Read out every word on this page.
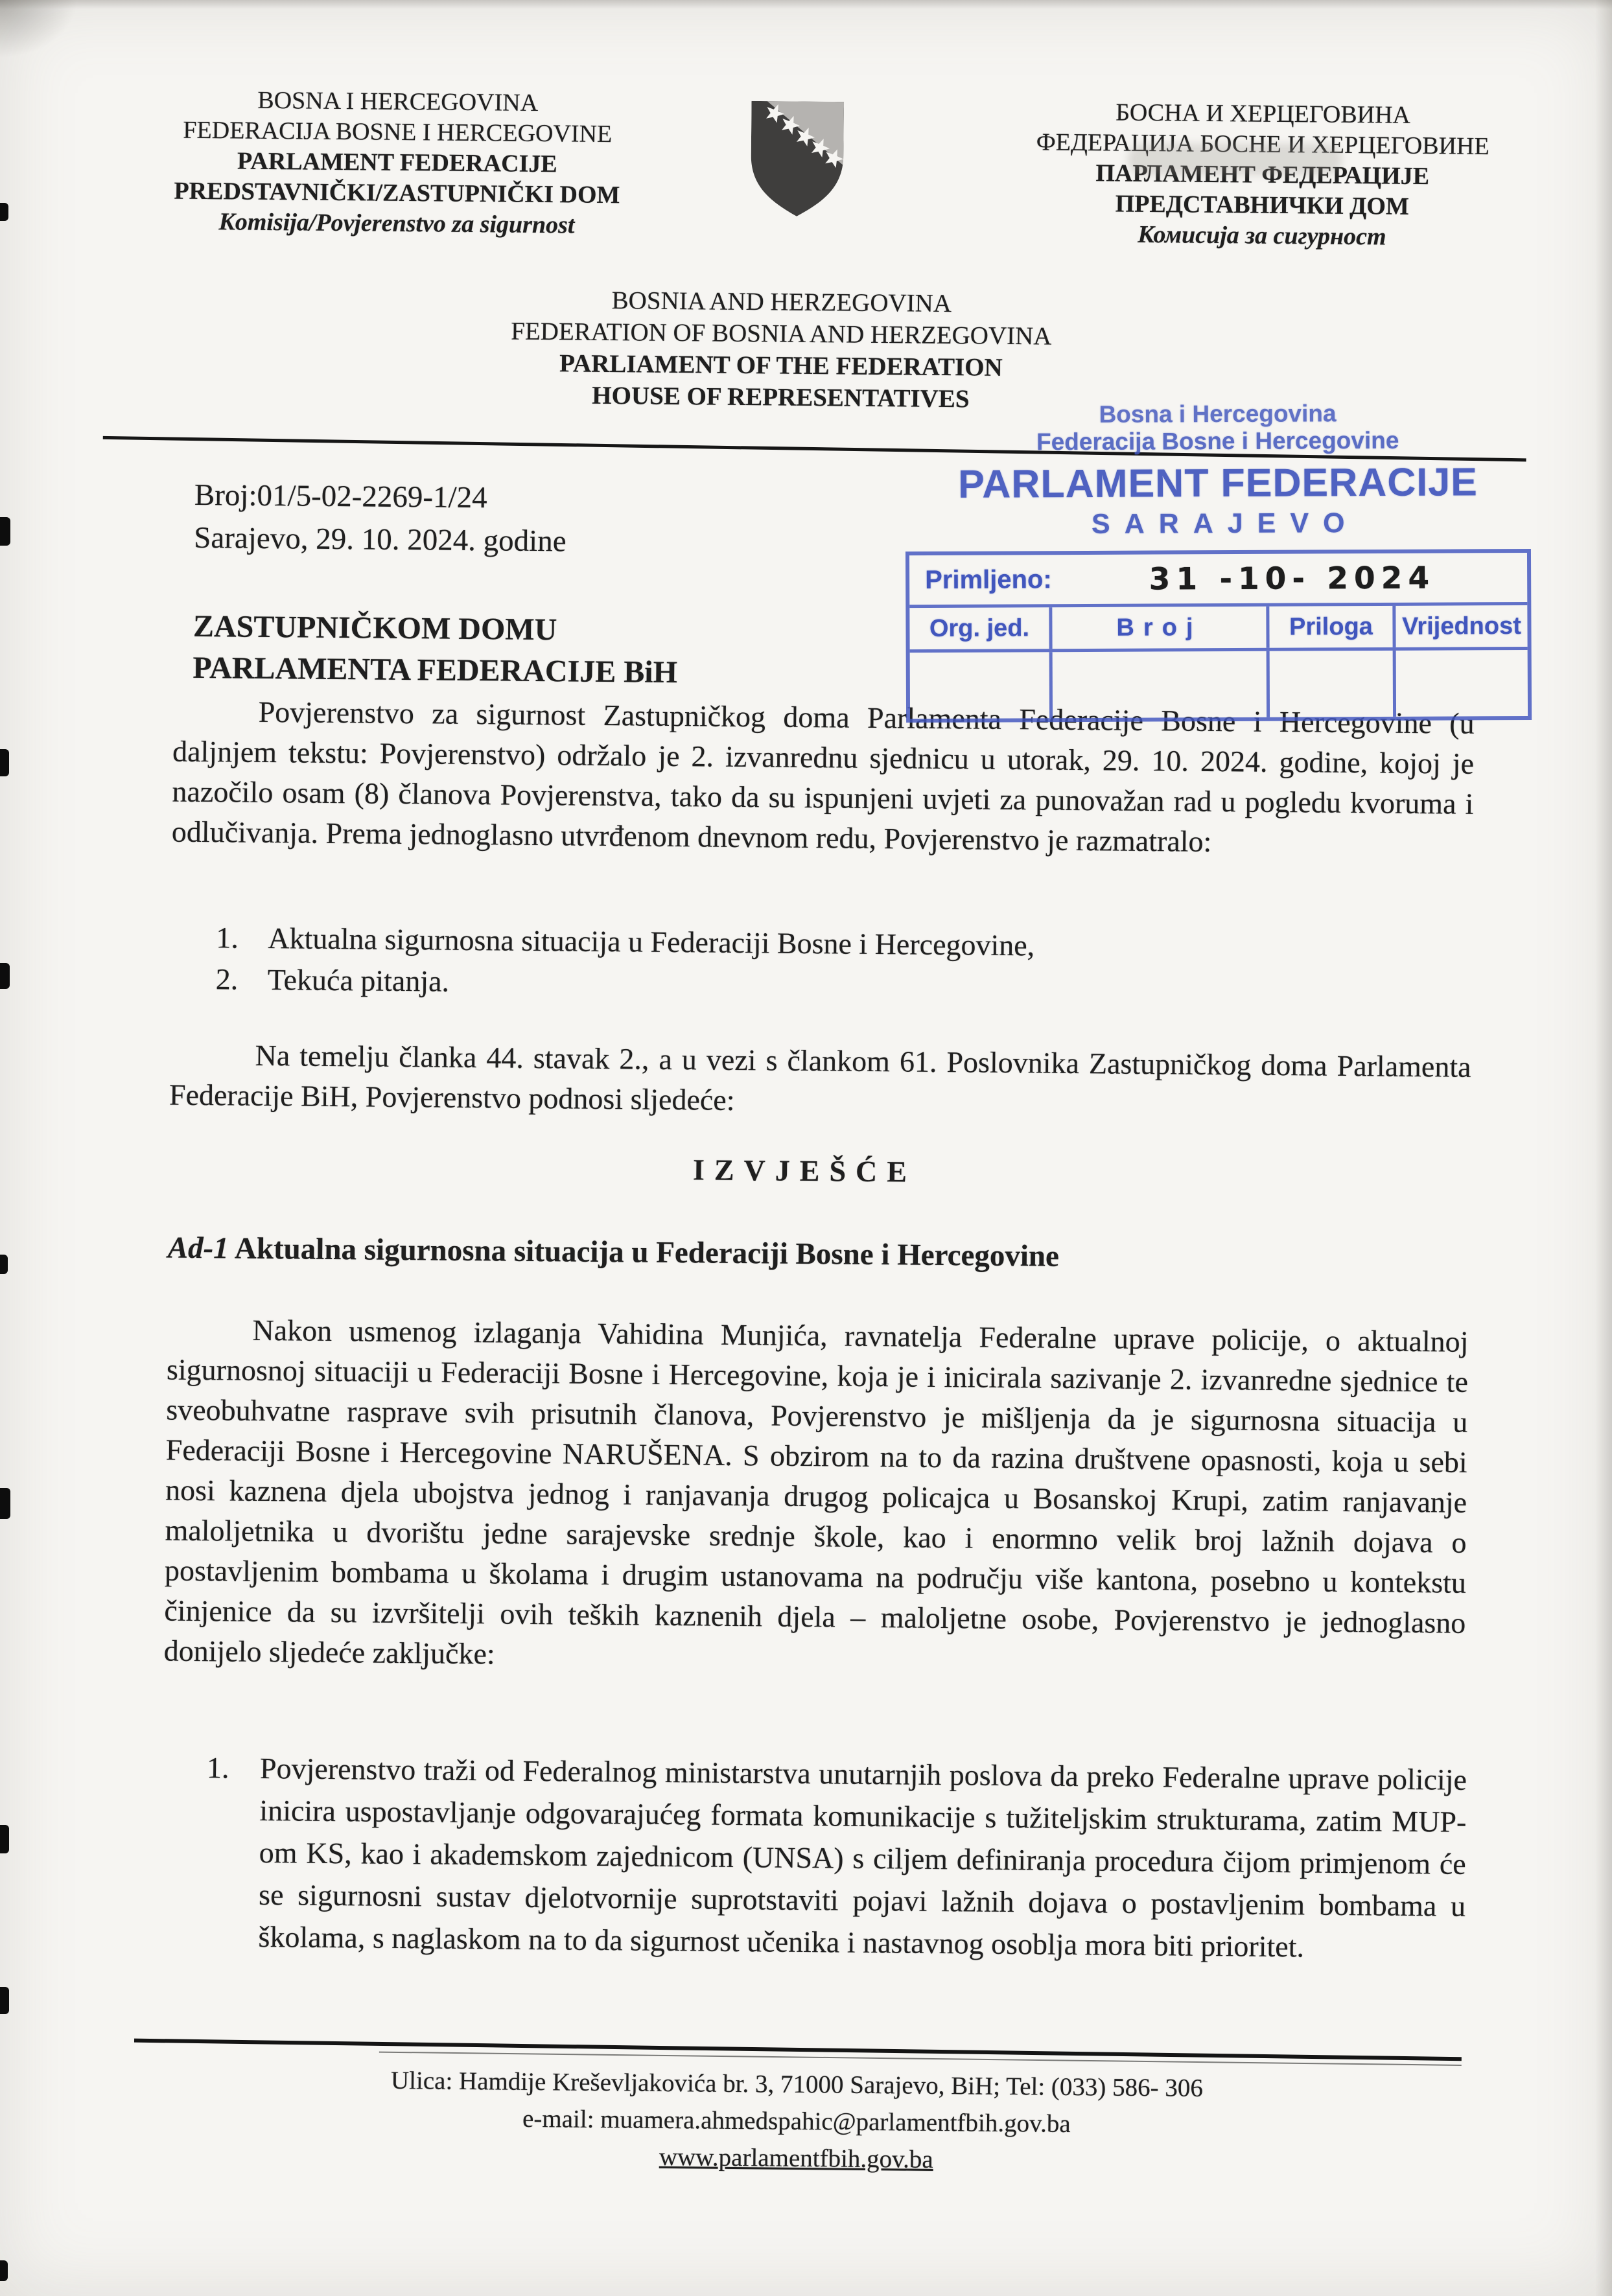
BOSNA I HERCEGOVINA
FEDERACIJA BOSNE I HERCEGOVINE
PARLAMENT FEDERACIJE
PREDSTAVNIČKI/ZASTUPNIČKI DOM
Komisija/Povjerenstvo za sigurnost
БОСНА И ХЕРЦЕГОВИНА
ФЕДЕРАЦИЈА БОСНЕ И ХЕРЦЕГОВИНЕ
ПАРЛАМЕНТ ФЕДЕРАЦИЈЕ
ПРЕДСТАВНИЧКИ ДОМ
Комисија за сигурност
BOSNIA AND HERZEGOVINA
FEDERATION OF BOSNIA AND HERZEGOVINA
PARLIAMENT OF THE FEDERATION
HOUSE OF REPRESENTATIVES
Broj:01/5-02-2269-1/24
Sarajevo, 29. 10. 2024. godine
Bosna i Hercegovina
Federacija Bosne i Hercegovine
PARLAMENT FEDERACIJE
SARAJEVO
Primljeno:	31 -10- 2024
Org. jed.	Broj	Priloga	Vrijednost
ZASTUPNIČKOM DOMU
PARLAMENTA FEDERACIJE BiH

Povjerenstvo za sigurnost Zastupničkog doma Parlamenta Federacije Bosne i Hercegovine (u daljnjem tekstu: Povjerenstvo) održalo je 2. izvanrednu sjednicu u utorak, 29. 10. 2024. godine, kojoj je nazočilo osam (8) članova Povjerenstva, tako da su ispunjeni uvjeti za punovažan rad u pogledu kvoruma i odlučivanja. Prema jednoglasno utvrđenom dnevnom redu, Povjerenstvo je razmatralo:

1. Aktualna sigurnosna situacija u Federaciji Bosne i Hercegovine,
2. Tekuća pitanja.

Na temelju članka 44. stavak 2., a u vezi s člankom 61. Poslovnika Zastupničkog doma Parlamenta Federacije BiH, Povjerenstvo podnosi sljedeće:

IZVJEŠĆE
Ad-1 Aktualna sigurnosna situacija u Federaciji Bosne i Hercegovine

Nakon usmenog izlaganja Vahidina Munjića, ravnatelja Federalne uprave policije, o aktualnoj sigurnosnoj situaciji u Federaciji Bosne i Hercegovine, koja je i inicirala sazivanje 2. izvanredne sjednice te sveobuhvatne rasprave svih prisutnih članova, Povjerenstvo je mišljenja da je sigurnosna situacija u Federaciji Bosne i Hercegovine NARUŠENA. S obzirom na to da razina društvene opasnosti, koja u sebi nosi kaznena djela ubojstva jednog i ranjavanja drugog policajca u Bosanskoj Krupi, zatim ranjavanje maloljetnika u dvorištu jedne sarajevske srednje škole, kao i enormno velik broj lažnih dojava o postavljenim bombama u školama i drugim ustanovama na području više kantona, posebno u kontekstu činjenice da su izvršitelji ovih teških kaznenih djela – maloljetne osobe, Povjerenstvo je jednoglasno donijelo sljedeće zaključke:

1. Povjerenstvo traži od Federalnog ministarstva unutarnjih poslova da preko Federalne uprave policije inicira uspostavljanje odgovarajućeg formata komunikacije s tužiteljskim strukturama, zatim MUP-om KS, kao i akademskom zajednicom (UNSA) s ciljem definiranja procedura čijom primjenom će se sigurnosni sustav djelotvornije suprotstaviti pojavi lažnih dojava o postavljenim bombama u školama, s naglaskom na to da sigurnost učenika i nastavnog osoblja mora biti prioritet.
Ulica: Hamdije Kreševljakovića br. 3, 71000 Sarajevo, BiH; Tel: (033) 586- 306
e-mail: muamera.ahmedspahic@parlamentfbih.gov.ba
www.parlamentfbih.gov.ba
